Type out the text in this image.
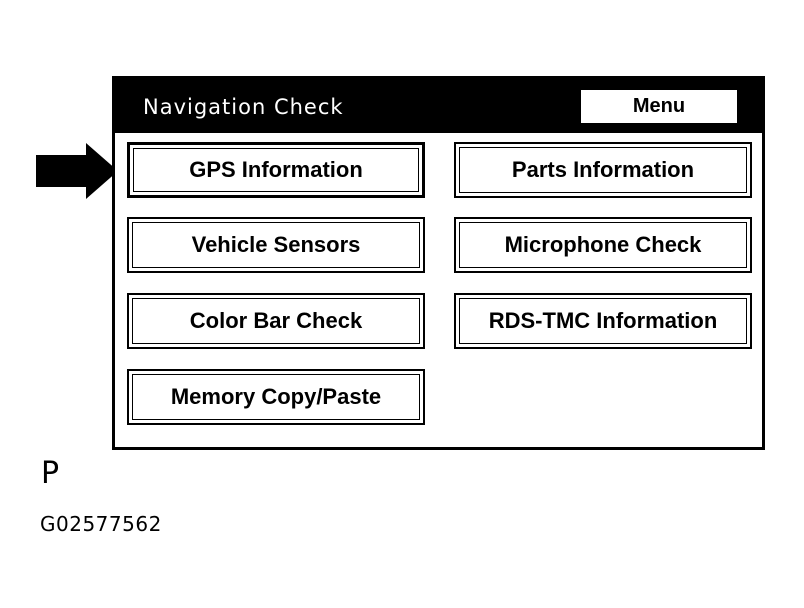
Navigation Check	Menu
GPS Information	Parts Information
Vehicle Sensors	Microphone Check
Color Bar Check	RDS-TMC Information
Memory Copy/Paste
P
G02577562
